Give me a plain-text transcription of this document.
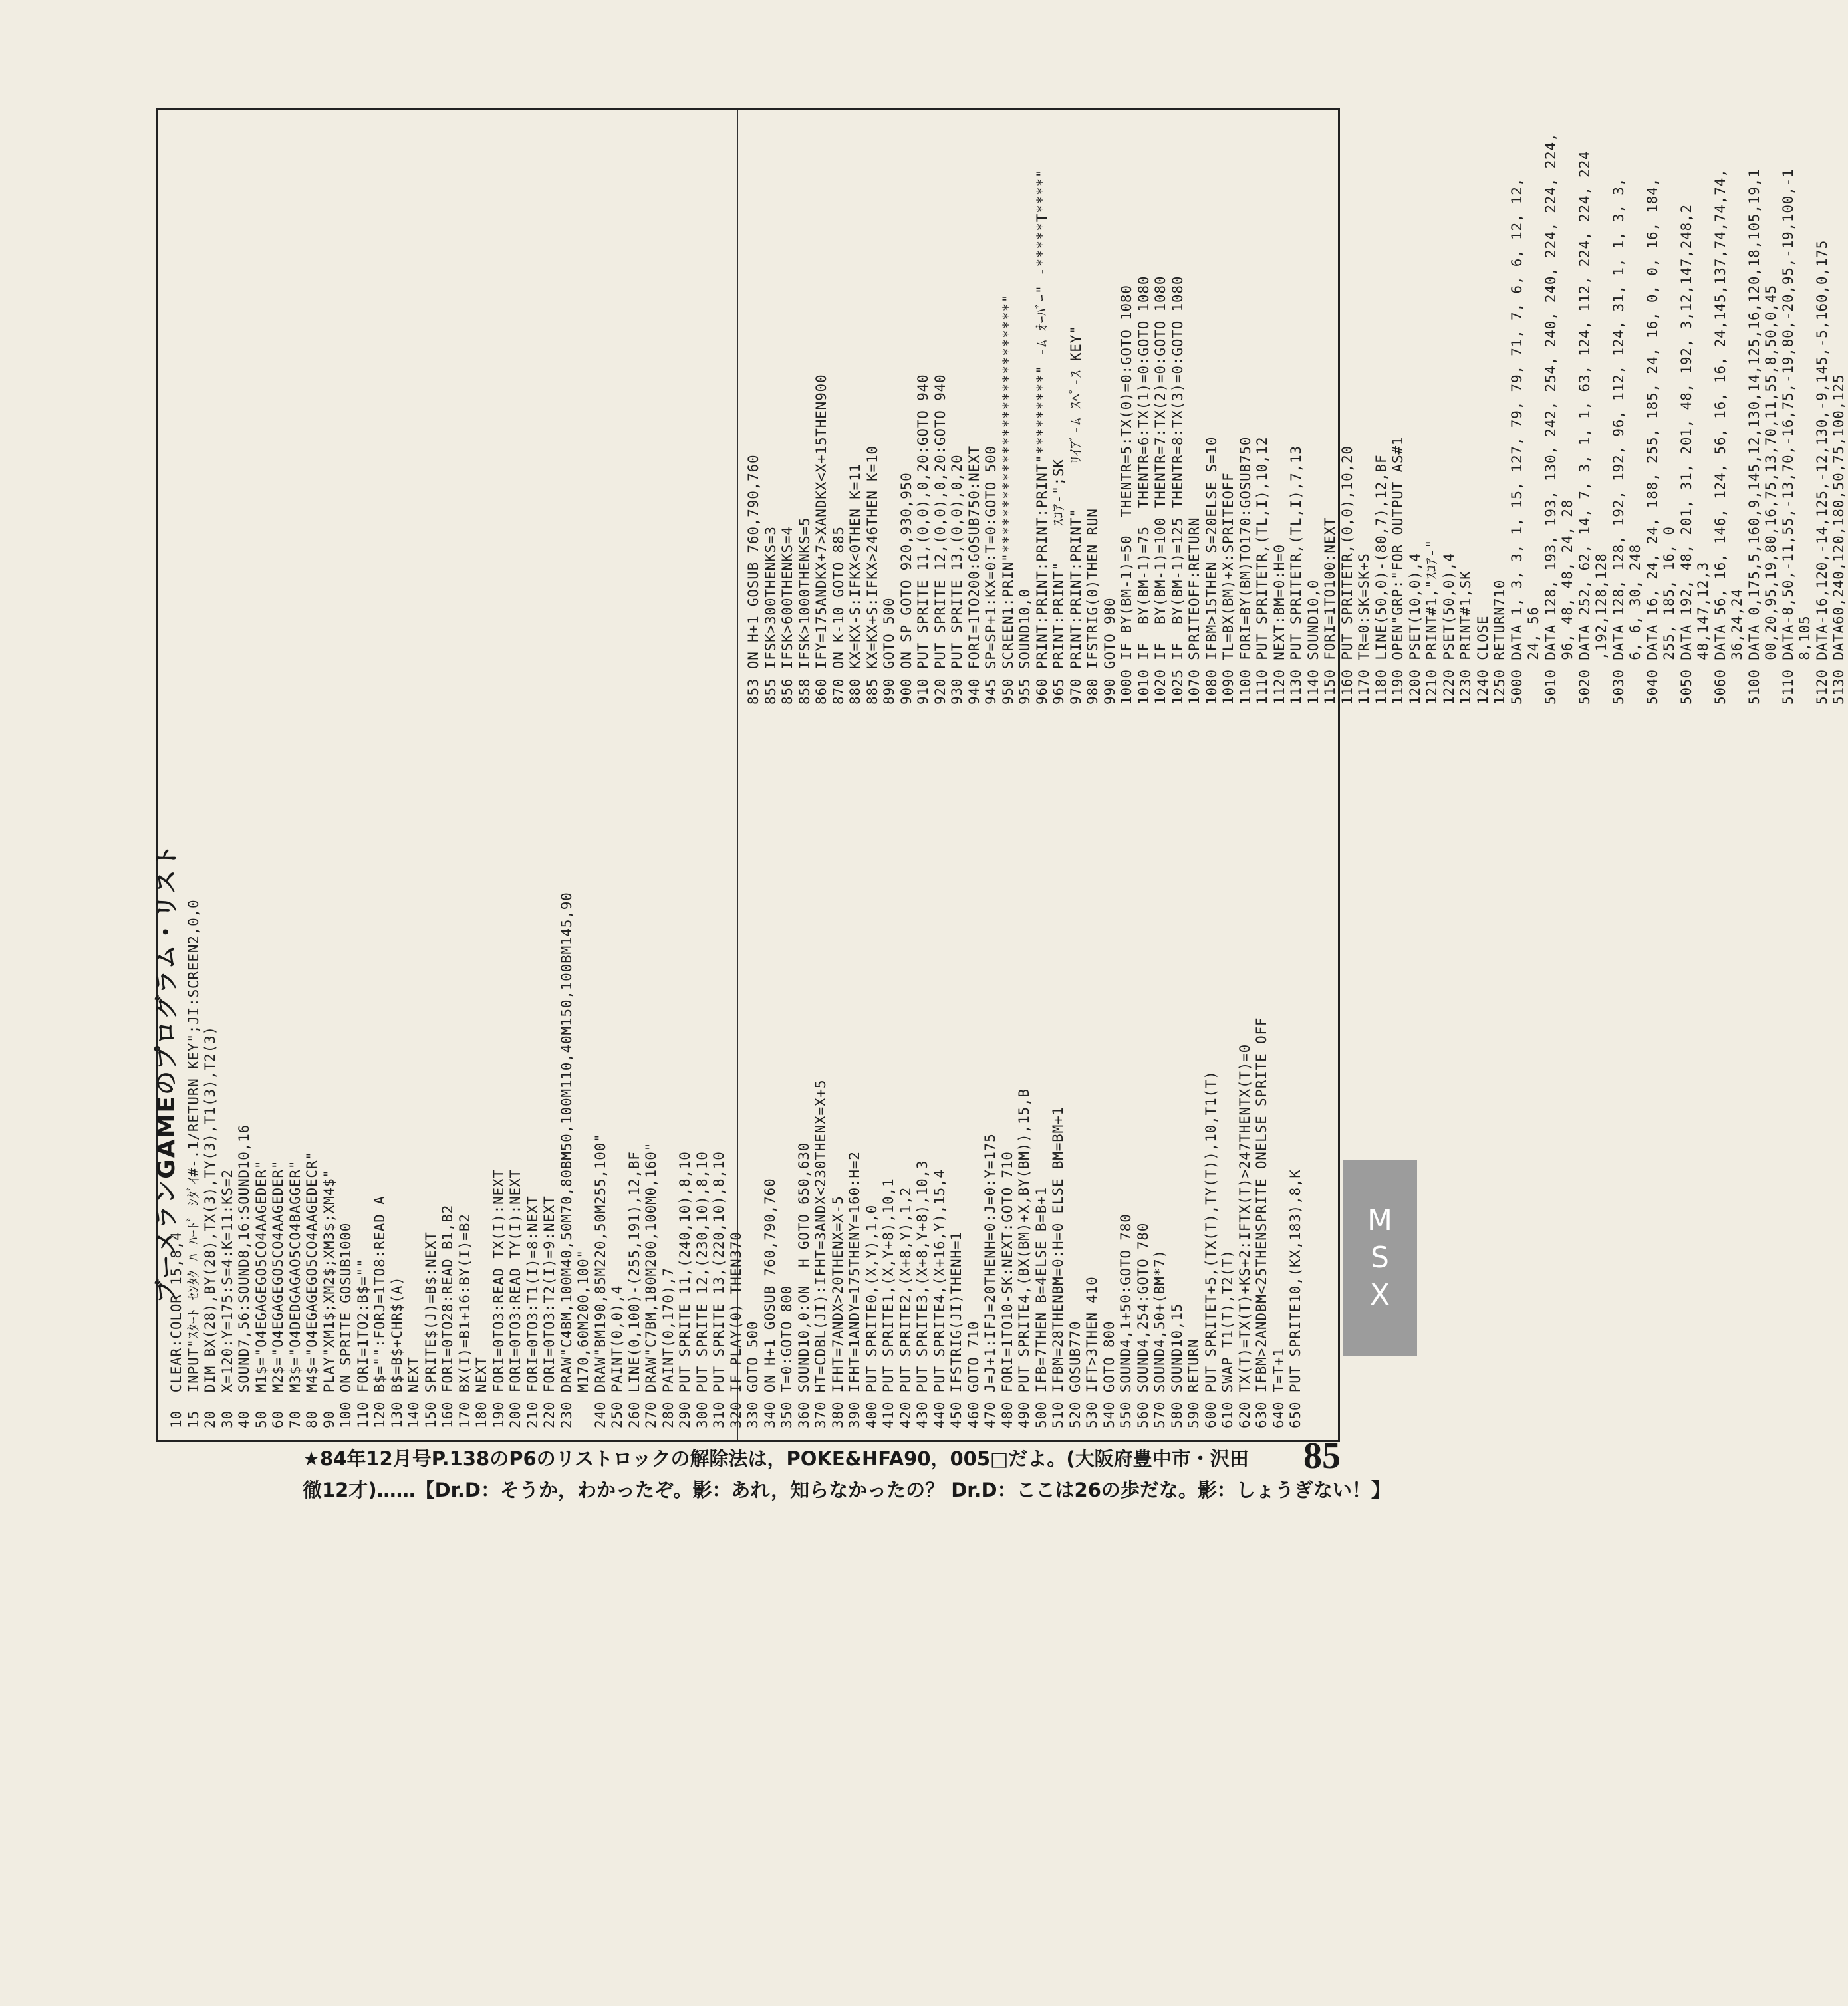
ブーメランGAMEのプログラム・リスト
10  CLEAR:COLOR 15,8,4 15  INPUT"ｽﾀｰﾄ ｾﾝﾀｸ ﾊ ﾊｰﾄﾞ ｼﾀﾞｲ#-.1/RETURN KEY";JI:SCREEN2,0,0 20  DIM BX(28),BY(28),TX(3),TY(3),T1(3),T2(3) 30  X=120:Y=175:S=4:K=11:KS=2 40  SOUND7,56:SOUND8,16:SOUND10,16 50  M1$="O4EGAGEGO5CO4AAGEDER" 60  M2$="O4EGAGEGO5CO4AAGEDER" 70  M3$="O4DEDGAGAO5CO4BAGGER" 80  M4$="O4EGAGEGO5CO4AAGEDECR" 90  PLAY"XM1$;XM2$;XM3$;XM4$" 100 ON SPRITE GOSUB1000 110 FORI=1TO2:B$="" 120 B$="":FORJ=1TO8:READ A 130 B$=B$+CHR$(A) 140 NEXT 150 SPRITE$(J)=B$:NEXT 160 FORI=0TO28:READ B1,B2 170 BX(I)=B1+16:BY(I)=B2 180 NEXT 190 FORI=0TO3:READ TX(I):NEXT 200 FORI=0TO3:READ TY(I):NEXT 210 FORI=0TO3:T1(I)=8:NEXT 220 FORI=0TO3:T2(I)=9:NEXT 230 DRAW"C4BM,100M40,50M70,80BM50,100M110,40M150,100BM145,90 M170,60M200,100" 240 DRAW"BM190,85M220,50M255,100" 250 PAINT(0,0),4 260 LINE(0,100)-(255,191),12,BF 270 DRAW"C7BM,180M200,100M0,160" 280 PAINT(0,170),7 290 PUT SPRITE 11,(240,10),8,10 300 PUT SPRITE 12,(230,10),8,10 310 PUT SPRITE 13,(220,10),8,10 320 IF PLAY(0) THEN370 330 GOTO 500 340 ON H+1 GOSUB 760,790,760 350 T=0:GOTO 800 360 SOUND10,0:ON  H GOTO 650,630 370 HT=CDBL(JI):IFHT=3ANDX<230THENX=X+5 380 IFHT=7ANDX>20THENX=X-5 390 IFHT=1ANDY=175THENY=160:H=2 400 PUT SPRITE0,(X,Y),1,0 410 PUT SPRITE1,(X,Y+8),10,1 420 PUT SPRITE2,(X+8,Y),1,2 430 PUT SPRITE3,(X+8,Y+8),10,3 440 PUT SPRITE4,(X+16,Y),15,4 450 IFSTRIG(JI)THENH=1 460 GOTO 710 470 J=J+1:IFJ=20THENH=0:J=0:Y=175 480 FORI=1TO10-SK:NEXT:GOTO 710 490 PUT SPRITE4,(BX(BM)+X,BY(BM)),15,B 500 IFB=7THEN B=4ELSE B=B+1 510 IFBM=28THENBM=0:H=0 ELSE BM=BM+1 520 GOSUB770 530 IFT>3THEN 410 540 GOTO 800 550 SOUND4,1+50:GOTO 780 560 SOUND4,254:GOTO 780 570 SOUND4,50+(BM*7) 580 SOUND10,15 590 RETURN 600 PUT SPRITET+5,(TX(T),TY(T)),10,T1(T) 610 SWAP T1(T),T2(T) 620 TX(T)=TX(T)+KS+2:IFTX(T)>247THENTX(T)=0 630 IFBM>2ANDBM<25THENSPRITE ONELSE SPRITE OFF 640 T=T+1 650 PUT SPRITE10,(KX,183),8,K
853 ON H+1 GOSUB 760,790,760 855 IFSK>300THENKS=3 856 IFSK>600THENKS=4 858 IFSK>1000THENKS=5 860 IFY=175ANDKX+7>XANDKX<X+15THEN900 870 ON K-10 GOTO 885 880 KX=KX-S:IFKX<0THEN K=11 885 KX=KX+S:IFKX>246THEN K=10 890 GOTO 500 900 ON SP GOTO 920,930,950 910 PUT SPRITE 11,(0,0),0,20:GOTO 940 920 PUT SPRITE 12,(0,0),0,20:GOTO 940 930 PUT SPRITE 13,(0,0),0,20 940 FORI=1TO200:GOSUB750:NEXT 945 SP=SP+1:KX=0:T=0:GOTO 500 950 SCREEN1:PRIN"****************************" 955 SOUND10,0 960 PRINT:PRINT:PRINT:PRINT"*********" -ﾑ ｵｰﾊﾞｰ" -*****T****" 965 PRINT:PRINT"    ｽｺｱ-";SK 970 PRINT:PRINT:PRINT"     ﾘｲｱﾞ-ﾑ ｽﾍﾟ-ｽ KEY" 980 IFSTRIG(0)THEN RUN 990 GOTO 980 1000 IF BY(BM-1)=50  THENTR=5:TX(0)=0:GOTO 1080 1010 IF  BY(BM-1)=75  THENTR=6:TX(1)=0:GOTO 1080 1020 IF  BY(BM-1)=100 THENTR=7:TX(2)=0:GOTO 1080 1025 IF  BY(BM-1)=125 THENTR=8:TX(3)=0:GOTO 1080 1070 SPRITEOFF:RETURN 1080 IFBM>15THEN S=20ELSE S=10 1090 TL=BX(BM)+X:SPRITEOFF 1100 FORI=BY(BM)TO170:GOSUB750 1110 PUT SPRITETR,(TL,I),10,12 1120 NEXT:BM=0:H=0 1130 PUT SPRITETR,(TL,I),7,13 1140 SOUND10,0 1150 FORI=1TO100:NEXT 1160 PUT SPRITETR,(0,0),10,20 1170 TR=0:SK=SK+S 1180 LINE(50,0)-(80,7),12,BF 1190 OPEN"GRP:"FOR OUTPUT AS#1 1200 PSET(10,0),4 1210 PRINT#1,"ｽｺｱ-" 1220 PSET(50,0),4 1230 PRINT#1,SK 1240 CLOSE 1250 RETURN710 5000 DATA 1, 3, 3, 1, 15, 127, 79, 79, 71, 7, 6, 6, 12, 12, 24, 56 5010 DATA 128, 193, 193, 130, 242, 254, 240, 240, 224, 224, 224, 96, 48, 48, 24, 28 5020 DATA 252, 62, 14, 7, 3, 1, 1, 63, 124, 112, 224, 224, 224 ,192,128,128 5030 DATA 128, 128, 192, 192, 96, 112, 124, 31, 1, 1, 3, 3, 6, 6, 30, 248 5040 DATA 16, 24, 24, 188, 255, 185, 24, 16, 0, 0, 16, 184, 255, 185, 16, 0 5050 DATA 192, 48, 201, 31, 201, 48, 192, 3,12,147,248,2 48,147,12,3 5060 DATA 56, 16, 146, 124, 56, 16, 16, 24,145,137,74,74,74, 36,24,24 5100 DATA 0,175,5,160,9,145,12,130,14,125,16,120,18,105,19,1 00,20,95,19,80,16,75,13,70,11,55,8,50,0,45 5110 DATA-8,50,-11,55,-13,70,-16,75,-19,80,-20,95,-19,100,-1 8,105 5120 DATA-16,120,-14,125,-12,130,-9,145,-5,160,0,175 5130 DATA60,240,120,180,50,75,100,125
M
S
X
85
★84年12月号P.138のP6のリストロックの解除法は，POKE&HFA90，005□だよ。(大阪府豊中市・沢田
徹12才)……【Dr.D：そうか，わかったぞ。影：あれ，知らなかったの？ Dr.D：ここは26の歩だな。影：しょうぎない！】
